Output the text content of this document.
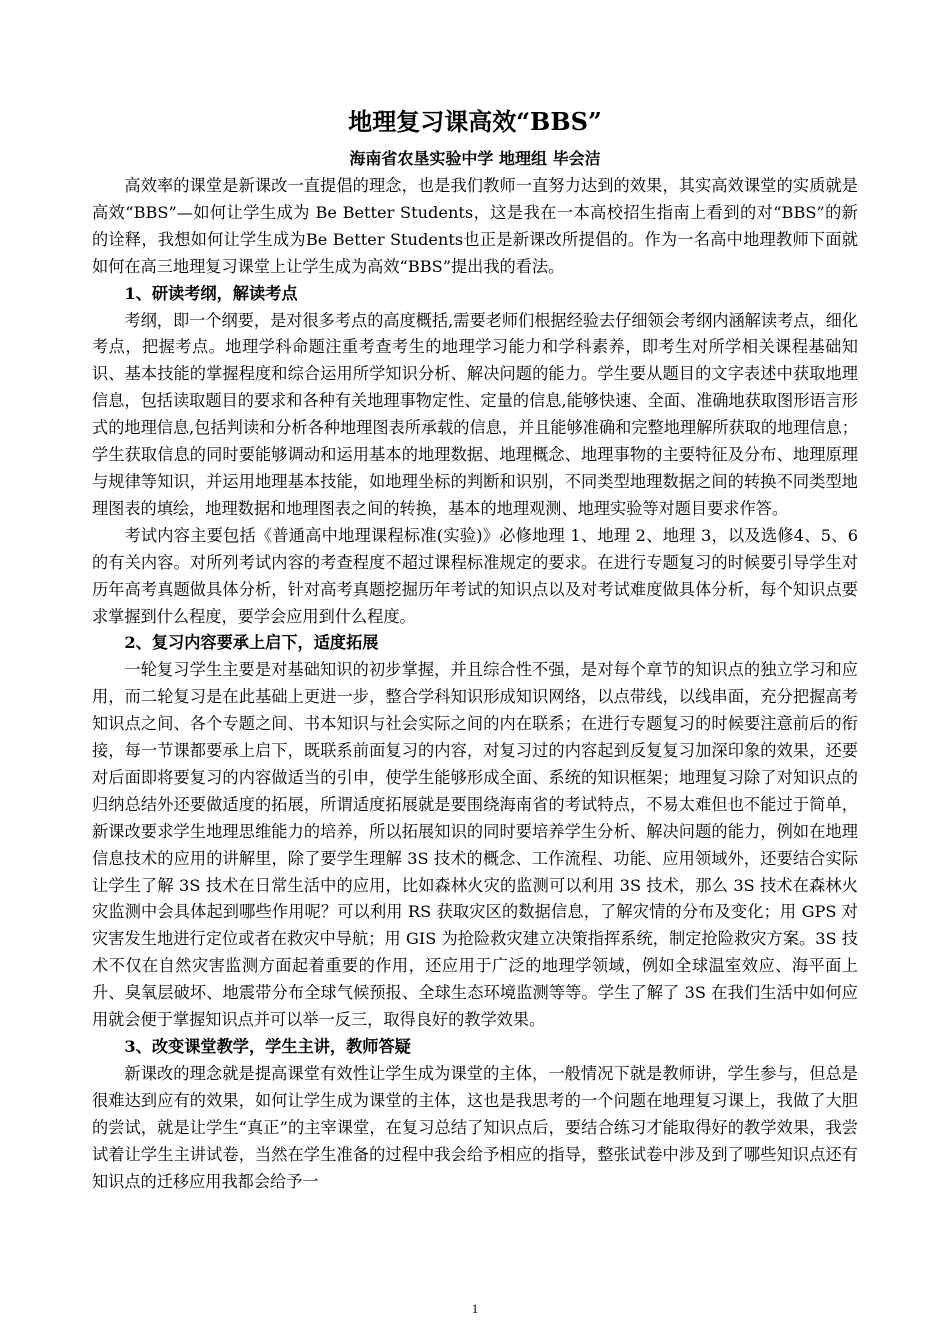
地理复习课高效“BBS”
海南省农垦实验中学 地理组 毕会洁

高效率的课堂是新课改一直提倡的理念，也是我们教师一直努力达到的效果，其实高效课堂的实质就是高效“BBS”—如何让学生成为 Be Better Students，这是我在一本高校招生指南上看到的对“BBS”的新的诠释，我想如何让学生成为Be Better Students也正是新课改所提倡的。作为一名高中地理教师下面就如何在高三地理复习课堂上让学生成为高效“BBS”提出我的看法。

1、研读考纲，解读考点

考纲，即一个纲要，是对很多考点的高度概括,需要老师们根据经验去仔细领会考纲内涵解读考点，细化考点，把握考点。地理学科命题注重考查考生的地理学习能力和学科素养，即考生对所学相关课程基础知识、基本技能的掌握程度和综合运用所学知识分析、解决问题的能力。学生要从题目的文字表述中获取地理信息，包括读取题目的要求和各种有关地理事物定性、定量的信息,能够快速、全面、准确地获取图形语言形式的地理信息,包括判读和分析各种地理图表所承载的信息，并且能够准确和完整地理解所获取的地理信息；学生获取信息的同时要能够调动和运用基本的地理数据、地理概念、地理事物的主要特征及分布、地理原理与规律等知识，并运用地理基本技能，如地理坐标的判断和识别，不同类型地理数据之间的转换不同类型地理图表的填绘，地理数据和地理图表之间的转换，基本的地理观测、地理实验等对题目要求作答。

考试内容主要包括《普通高中地理课程标准(实验)》必修地理 1、地理 2、地理 3，以及选修4、5、6的有关内容。对所列考试内容的考查程度不超过课程标准规定的要求。在进行专题复习的时候要引导学生对历年高考真题做具体分析，针对高考真题挖掘历年考试的知识点以及对考试难度做具体分析，每个知识点要求掌握到什么程度，要学会应用到什么程度。

2、复习内容要承上启下，适度拓展

一轮复习学生主要是对基础知识的初步掌握，并且综合性不强，是对每个章节的知识点的独立学习和应用，而二轮复习是在此基础上更进一步，整合学科知识形成知识网络，以点带线，以线串面，充分把握高考知识点之间、各个专题之间、书本知识与社会实际之间的内在联系；在进行专题复习的时候要注意前后的衔接，每一节课都要承上启下，既联系前面复习的内容，对复习过的内容起到反复复习加深印象的效果，还要对后面即将要复习的内容做适当的引申，使学生能够形成全面、系统的知识框架；地理复习除了对知识点的归纳总结外还要做适度的拓展，所谓适度拓展就是要围绕海南省的考试特点，不易太难但也不能过于简单，新课改要求学生地理思维能力的培养，所以拓展知识的同时要培养学生分析、解决问题的能力，例如在地理信息技术的应用的讲解里，除了要学生理解 3S 技术的概念、工作流程、功能、应用领域外，还要结合实际让学生了解 3S 技术在日常生活中的应用，比如森林火灾的监测可以利用 3S 技术，那么 3S 技术在森林火灾监测中会具体起到哪些作用呢？可以利用 RS 获取灾区的数据信息，了解灾情的分布及变化；用 GPS 对灾害发生地进行定位或者在救灾中导航；用 GIS 为抢险救灾建立决策指挥系统，制定抢险救灾方案。3S 技术不仅在自然灾害监测方面起着重要的作用，还应用于广泛的地理学领域，例如全球温室效应、海平面上升、臭氧层破坏、地震带分布全球气候预报、全球生态环境监测等等。学生了解了 3S 在我们生活中如何应用就会便于掌握知识点并可以举一反三，取得良好的教学效果。

3、改变课堂教学，学生主讲，教师答疑

新课改的理念就是提高课堂有效性让学生成为课堂的主体，一般情况下就是教师讲，学生参与，但总是很难达到应有的效果，如何让学生成为课堂的主体，这也是我思考的一个问题在地理复习课上，我做了大胆的尝试，就是让学生“真正”的主宰课堂，在复习总结了知识点后，要结合练习才能取得好的教学效果，我尝试着让学生主讲试卷，当然在学生准备的过程中我会给予相应的指导，整张试卷中涉及到了哪些知识点还有知识点的迁移应用我都会给予一

1
